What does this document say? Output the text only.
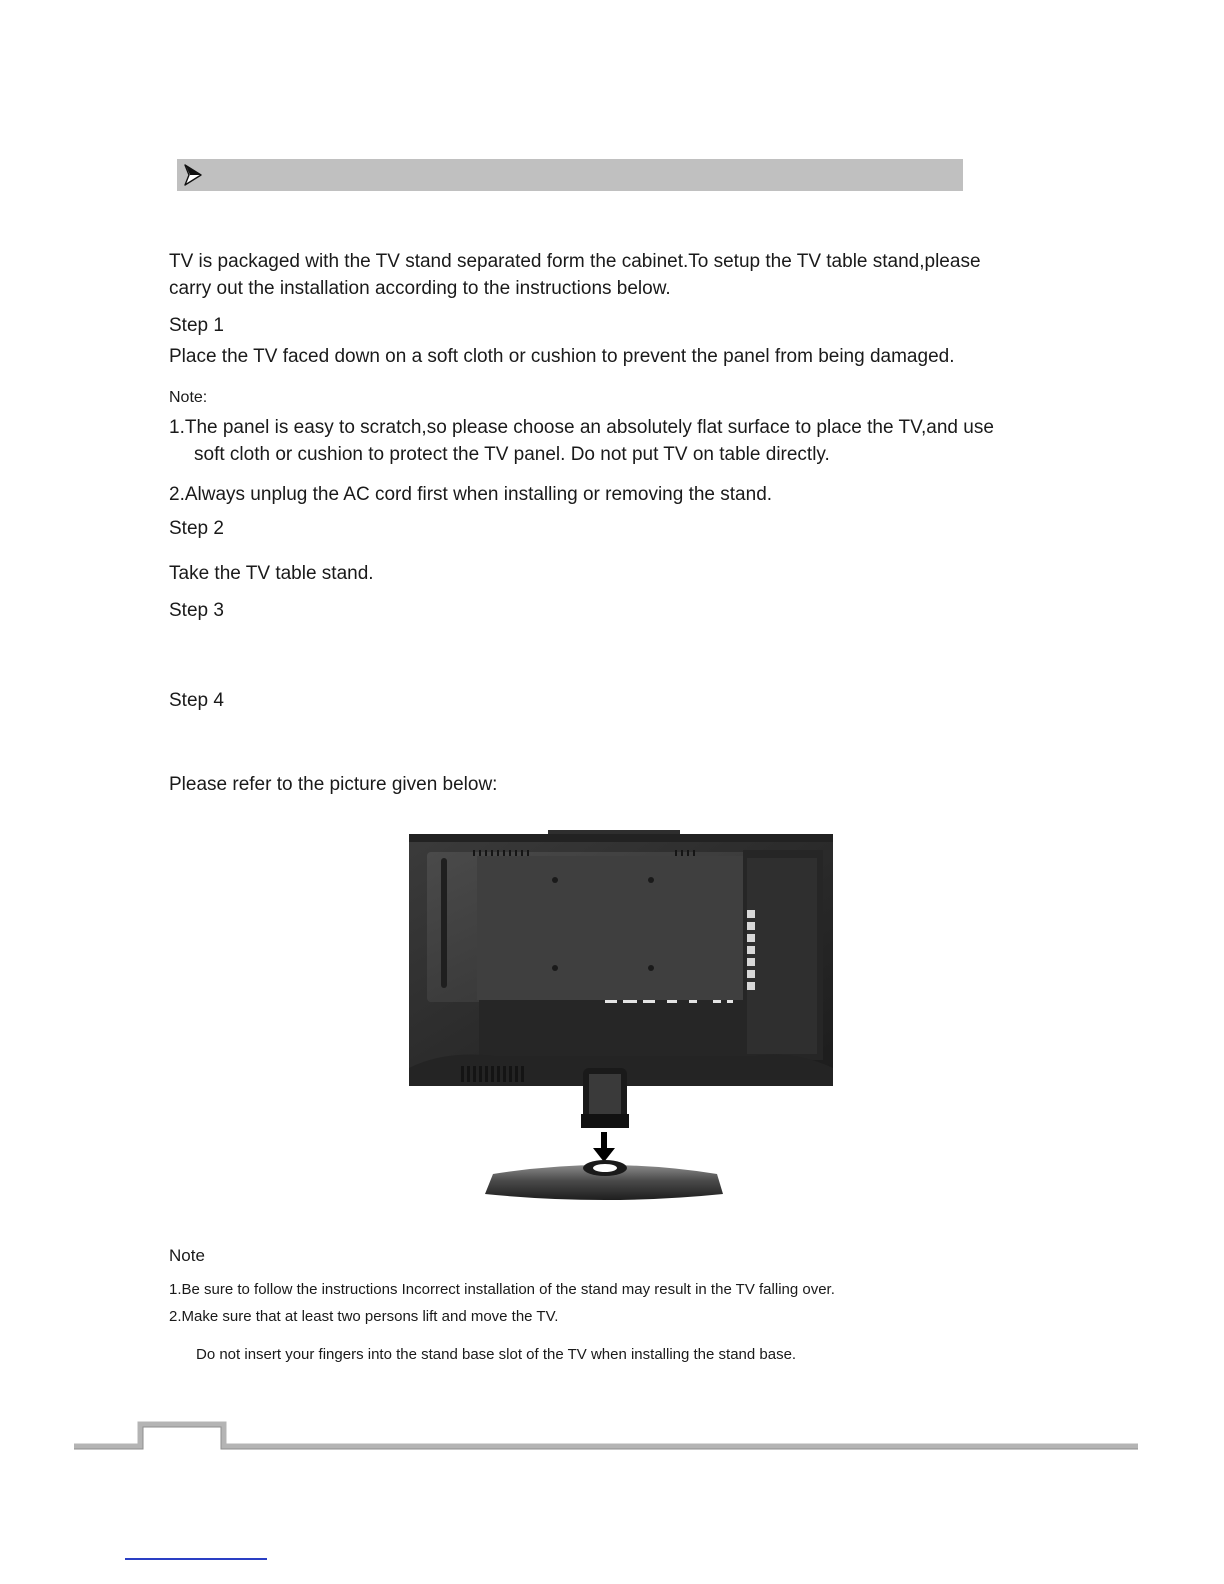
TV is packaged with the TV stand separated form the cabinet.To setup the TV table stand,please
carry out the installation according to the instructions below.
Step 1
Place the TV faced down on a soft cloth or cushion to prevent the panel from being damaged.
Note:
1.The panel is easy to scratch,so please choose an absolutely flat surface to place the TV,and use
soft cloth or cushion to protect the TV panel. Do not put TV on table directly.
2.Always unplug the AC cord first when installing or removing the stand.
Step 2
Take the TV table stand.
Step 3
Step 4
Please refer to the picture given below:
Note
1.Be sure to follow the instructions Incorrect installation of the stand may result in the TV falling over.
2.Make sure that at least two persons lift and move the TV.
Do not insert your fingers into the stand base slot of the TV when installing the stand base.
